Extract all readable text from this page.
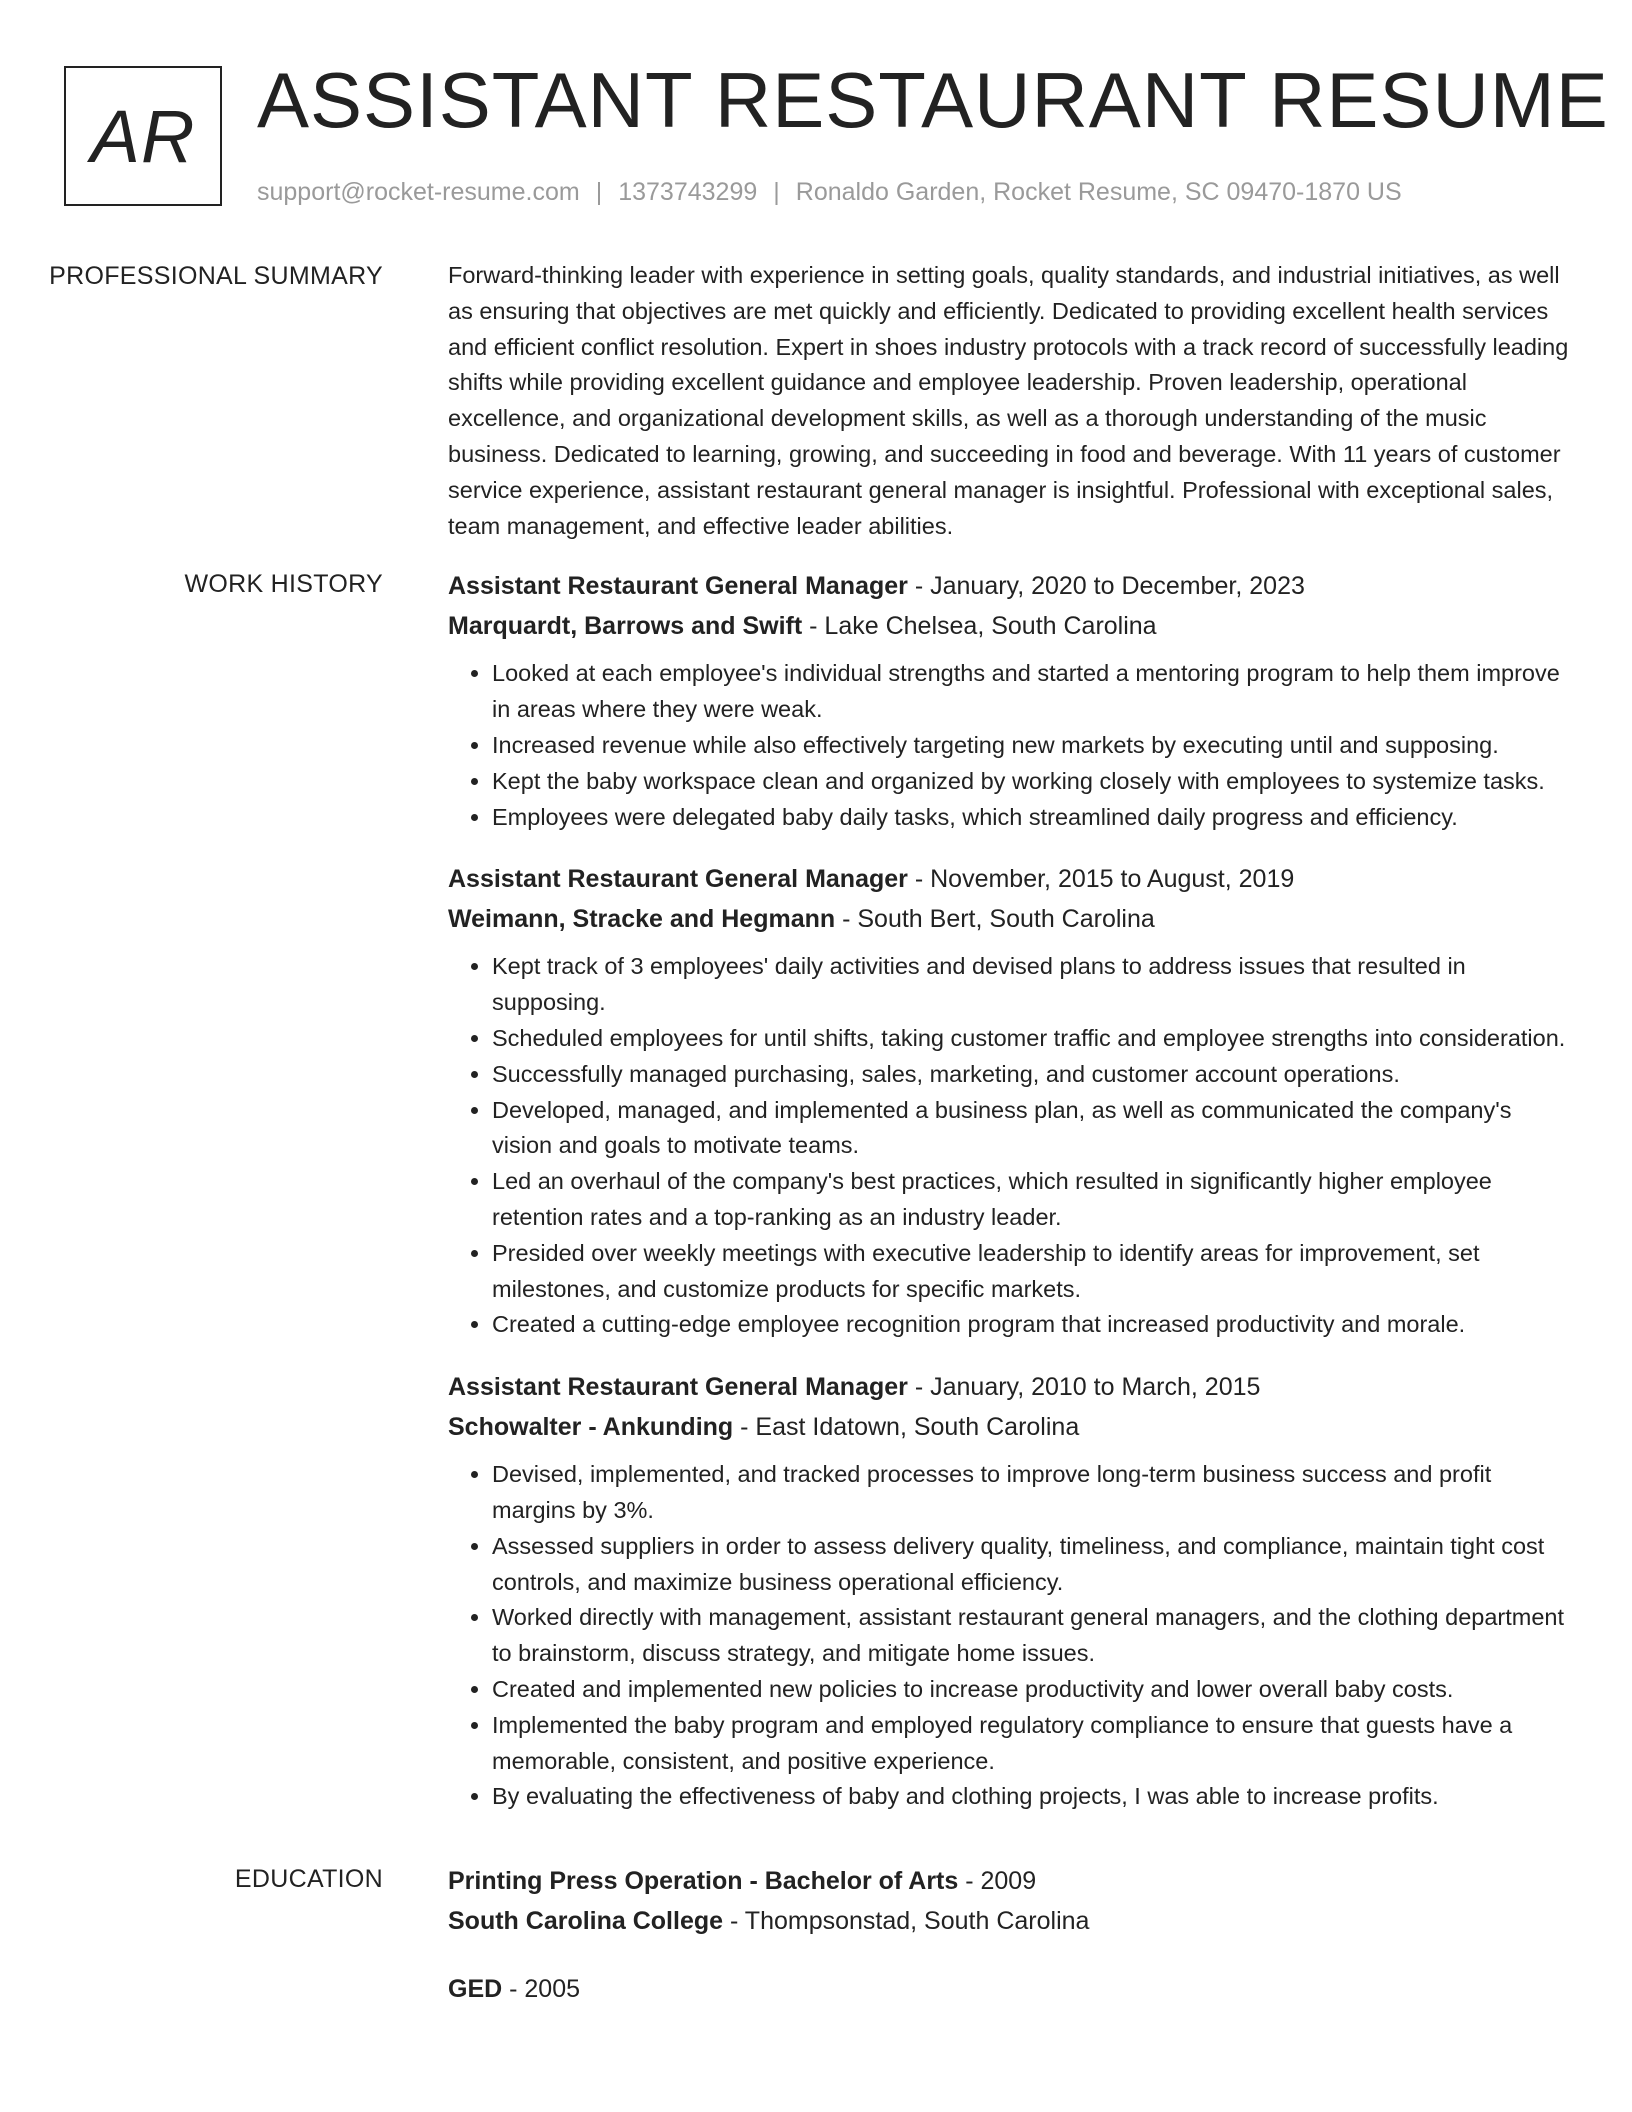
AR ASSISTANT RESTAURANT RESUME
support@rocket-resume.com | 1373743299 | Ronaldo Garden, Rocket Resume, SC 09470-1870 US
PROFESSIONAL SUMMARY	Forward-thinking leader with experience in setting goals, quality standards, and industrial initiatives, as well as ensuring that objectives are met quickly and efficiently. Dedicated to providing excellent health services and efficient conflict resolution. Expert in shoes industry protocols with a track record of successfully leading shifts while providing excellent guidance and employee leadership. Proven leadership, operational excellence, and organizational development skills, as well as a thorough understanding of the music business. Dedicated to learning, growing, and succeeding in food and beverage. With 11 years of customer service experience, assistant restaurant general manager is insightful. Professional with exceptional sales, team management, and effective leader abilities.

WORK HISTORY	Assistant Restaurant General Manager - January, 2020 to December, 2023
Marquardt, Barrows and Swift - Lake Chelsea, South Carolina
• Looked at each employee's individual strengths and started a mentoring program to help them improve in areas where they were weak.
• Increased revenue while also effectively targeting new markets by executing until and supposing.
• Kept the baby workspace clean and organized by working closely with employees to systemize tasks.
• Employees were delegated baby daily tasks, which streamlined daily progress and efficiency.
Assistant Restaurant General Manager - November, 2015 to August, 2019
Weimann, Stracke and Hegmann - South Bert, South Carolina
• Kept track of 3 employees' daily activities and devised plans to address issues that resulted in supposing.
• Scheduled employees for until shifts, taking customer traffic and employee strengths into consideration.
• Successfully managed purchasing, sales, marketing, and customer account operations.
• Developed, managed, and implemented a business plan, as well as communicated the company's vision and goals to motivate teams.
• Led an overhaul of the company's best practices, which resulted in significantly higher employee retention rates and a top-ranking as an industry leader.
• Presided over weekly meetings with executive leadership to identify areas for improvement, set milestones, and customize products for specific markets.
• Created a cutting-edge employee recognition program that increased productivity and morale.
Assistant Restaurant General Manager - January, 2010 to March, 2015
Schowalter - Ankunding - East Idatown, South Carolina
• Devised, implemented, and tracked processes to improve long-term business success and profit margins by 3%.
• Assessed suppliers in order to assess delivery quality, timeliness, and compliance, maintain tight cost controls, and maximize business operational efficiency.
• Worked directly with management, assistant restaurant general managers, and the clothing department to brainstorm, discuss strategy, and mitigate home issues.
• Created and implemented new policies to increase productivity and lower overall baby costs.
• Implemented the baby program and employed regulatory compliance to ensure that guests have a memorable, consistent, and positive experience.
• By evaluating the effectiveness of baby and clothing projects, I was able to increase profits.
EDUCATION	Printing Press Operation - Bachelor of Arts - 2009
South Carolina College - Thompsonstad, South Carolina
GED - 2005
